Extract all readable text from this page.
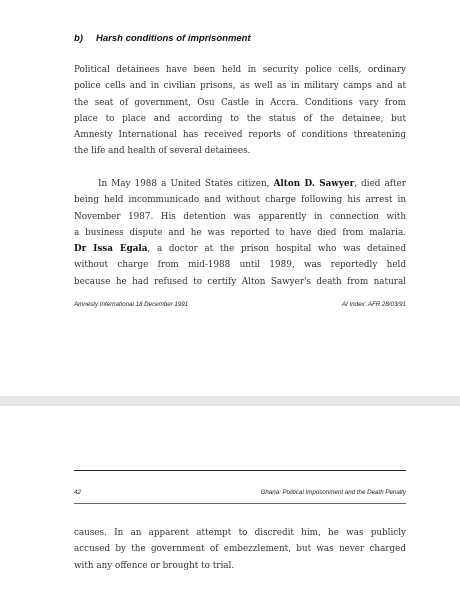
b) Harsh conditions of imprisonment

Political detainees have been held in security police cells, ordinary
police cells and in civilian prisons, as well as in military camps and at
the seat of government, Osu Castle in Accra. Conditions vary from
place to place and according to the status of the detainee, but
Amnesty International has received reports of conditions threatening
the life and health of several detainees.

In May 1988 a United States citizen, Alton D. Sawyer, died after
being held incommunicado and without charge following his arrest in
November 1987. His detention was apparently in connection with
a business dispute and he was reported to have died from malaria.
Dr Issa Egala, a doctor at the prison hospital who was detained
without charge from mid-1988 until 1989, was reportedly held
because he had refused to certify Alton Sawyer's death from natural

Amnesty International 18 December 1991	AI Index: AFR 28/03/91
42	Ghana: Political Imprisonment and the Death Penalty

causes. In an apparent attempt to discredit him, he was publicly
accused by the government of embezzlement, but was never charged
with any offence or brought to trial.
